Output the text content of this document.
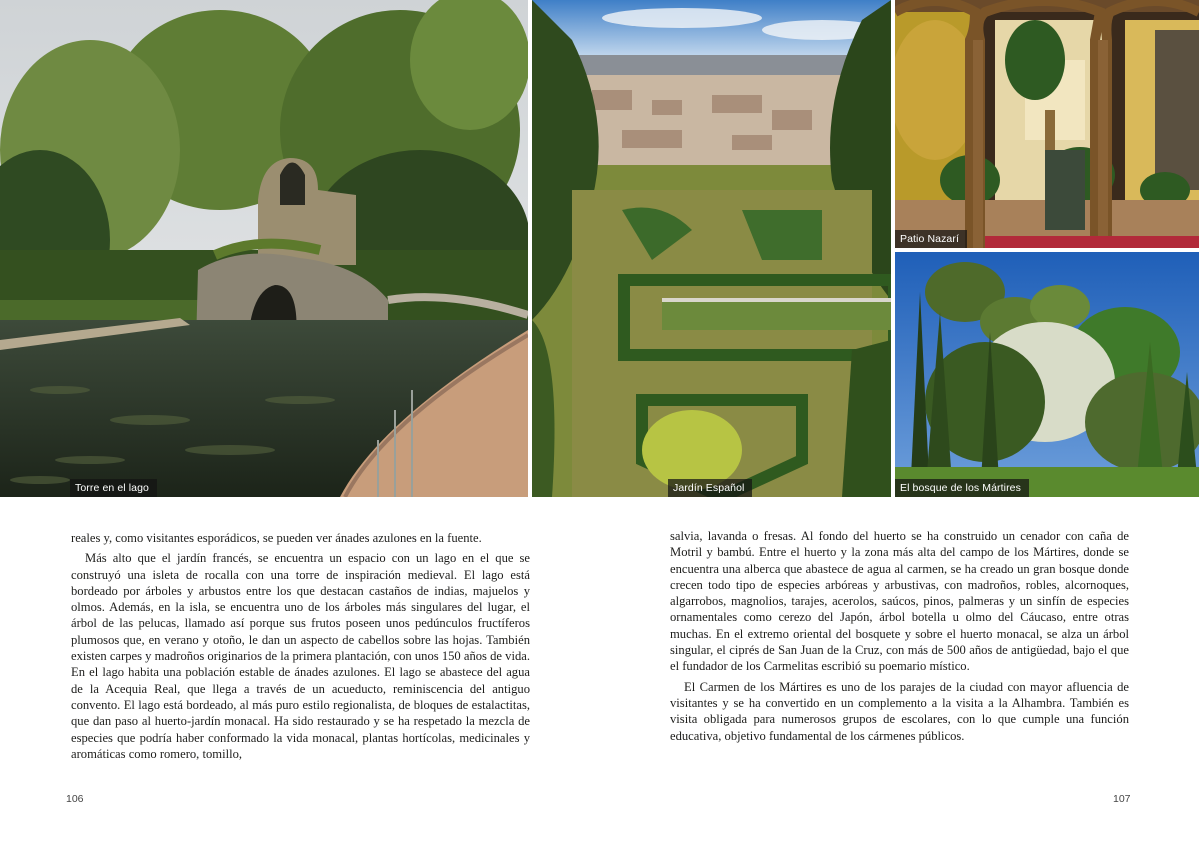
Torre en el lago	Jardín Español
Patio Nazarí
El bosque de los Mártires

reales y, como visitantes esporádicos, se pueden ver ánades azulones en la fuente.

Más alto que el jardín francés, se encuentra un espacio con un lago en el que se construyó una isleta de rocalla con una torre de inspiración medieval. El lago está bordeado por árboles y arbustos entre los que destacan castaños de indias, majuelos y olmos. Además, en la isla, se encuentra uno de los árboles más singulares del lugar, el árbol de las pelucas, llamado así porque sus frutos poseen unos pedúnculos fructíferos plumosos que, en verano y otoño, le dan un aspecto de cabellos sobre las hojas. También existen carpes y madroños originarios de la primera plantación, con unos 150 años de vida. En el lago habita una población estable de ánades azulones. El lago se abastece del agua de la Acequia Real, que llega a través de un acueducto, reminiscencia del antiguo convento. El lago está bordeado, al más puro estilo regionalista, de bloques de estalactitas, que dan paso al huerto-jardín monacal. Ha sido restaurado y se ha respetado la mezcla de especies que podría haber conformado la vida monacal, plantas hortícolas, medicinales y aromáticas como romero, tomillo,

salvia, lavanda o fresas. Al fondo del huerto se ha construido un cenador con caña de Motril y bambú. Entre el huerto y la zona más alta del campo de los Mártires, donde se encuentra una alberca que abastece de agua al carmen, se ha creado un gran bosque donde crecen todo tipo de especies arbóreas y arbustivas, con madroños, robles, alcornoques, algarrobos, magnolios, tarajes, acerolos, saúcos, pinos, palmeras y un sinfín de especies ornamentales como cerezo del Japón, árbol botella u olmo del Cáucaso, entre otras muchas. En el extremo oriental del bosquete y sobre el huerto monacal, se alza un árbol singular, el ciprés de San Juan de la Cruz, con más de 500 años de antigüedad, bajo el que el fundador de los Carmelitas escribió su poemario místico.

El Carmen de los Mártires es uno de los parajes de la ciudad con mayor afluencia de visitantes y se ha convertido en un complemento a la visita a la Alhambra. También es visita obligada para numerosos grupos de escolares, con lo que cumple una función educativa, objetivo fundamental de los cármenes públicos.

106	107
